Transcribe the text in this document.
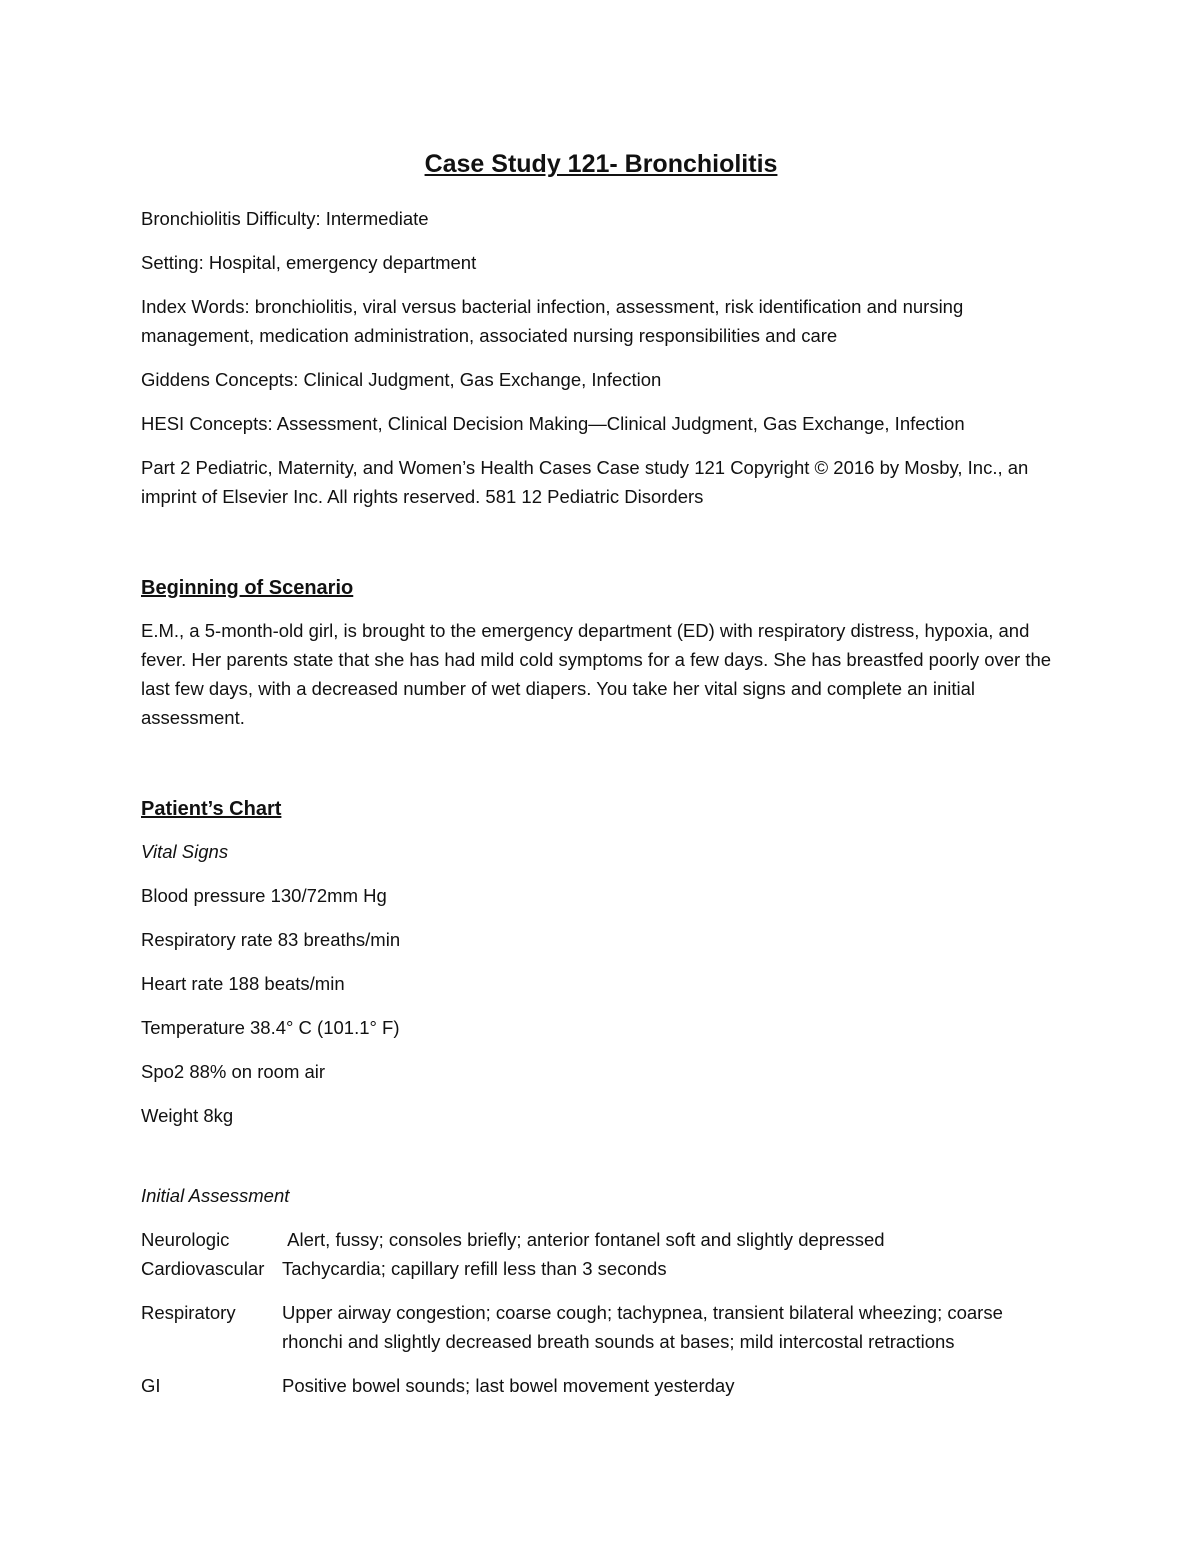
Case Study 121- Bronchiolitis

Bronchiolitis Difficulty: Intermediate

Setting: Hospital, emergency department

Index Words: bronchiolitis, viral versus bacterial infection, assessment, risk identification and nursing management, medication administration, associated nursing responsibilities and care

Giddens Concepts: Clinical Judgment, Gas Exchange, Infection

HESI Concepts: Assessment, Clinical Decision Making—Clinical Judgment, Gas Exchange, Infection

Part 2 Pediatric, Maternity, and Women’s Health Cases Case study 121 Copyright © 2016 by Mosby, Inc., an imprint of Elsevier Inc. All rights reserved. 581 12 Pediatric Disorders

Beginning of Scenario

E.M., a 5-month-old girl, is brought to the emergency department (ED) with respiratory distress, hypoxia, and fever. Her parents state that she has had mild cold symptoms for a few days. She has breastfed poorly over the last few days, with a decreased number of wet diapers. You take her vital signs and complete an initial assessment.

Patient’s Chart

Vital Signs

Blood pressure 130/72mm Hg

Respiratory rate 83 breaths/min

Heart rate 188 beats/min

Temperature 38.4° C (101.1° F)

Spo2 88% on room air

Weight 8kg

Initial Assessment

Neurologic	Alert, fussy; consoles briefly; anterior fontanel soft and slightly depressed
Cardiovascular Tachycardia; capillary refill less than 3 seconds
Respiratory	Upper airway congestion; coarse cough; tachypnea, transient bilateral wheezing; coarse rhonchi and slightly decreased breath sounds at bases; mild intercostal retractions
GI	Positive bowel sounds; last bowel movement yesterday
